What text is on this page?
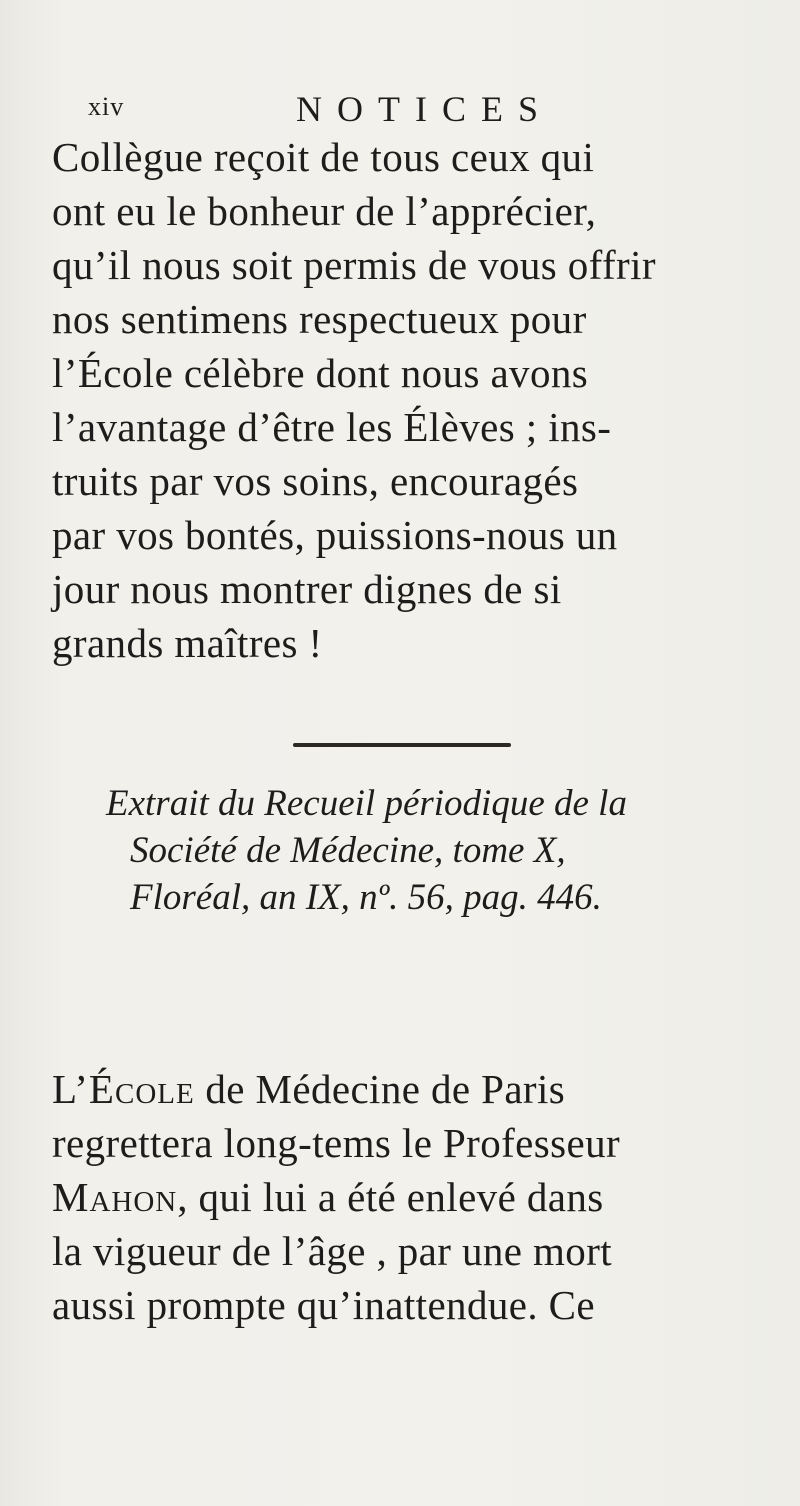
xiv	NOTICES
Collègue reçoit de tous ceux qui
ont eu le bonheur de l’apprécier,
qu’il nous soit permis de vous offrir
nos sentimens respectueux pour
l’École célèbre dont nous avons
l’avantage d’être les Élèves ; ins-
truits par vos soins, encouragés
par vos bontés, puissions-nous un
jour nous montrer dignes de si
grands maîtres !
Extrait du Recueil périodique de la
Société de Médecine, tome X,
Floréal, an IX, nº. 56, pag. 446.
L’École de Médecine de Paris
regrettera long-tems le Professeur
Mahon, qui lui a été enlevé dans
la vigueur de l’âge , par une mort
aussi prompte qu’inattendue. Ce
